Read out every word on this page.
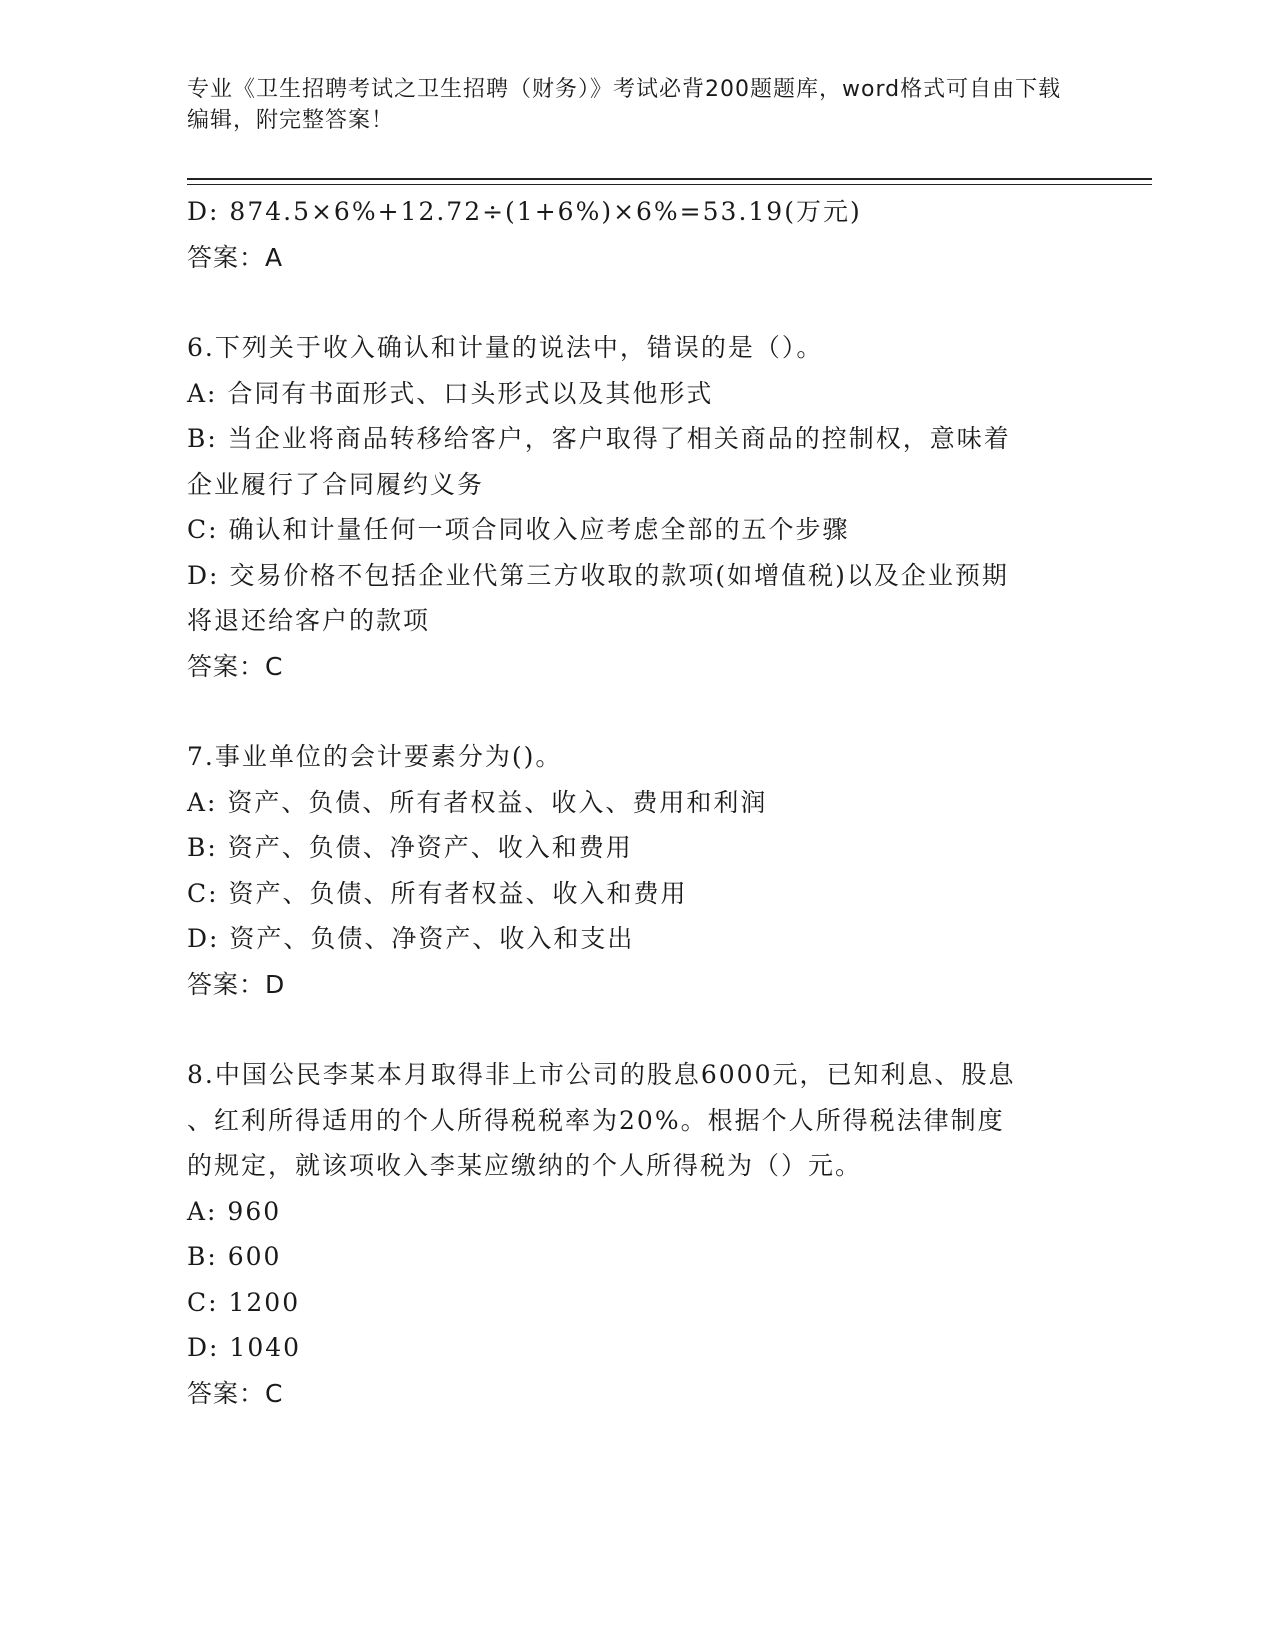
专业《卫生招聘考试之卫生招聘（财务）》考试必背200题题库，word格式可自由下载编辑，附完整答案！
D: 874.5×6%+12.72÷(1+6%)×6%=53.19(万元)
答案：A
6.下列关于收入确认和计量的说法中，错误的是（）。
A: 合同有书面形式、口头形式以及其他形式
B: 当企业将商品转移给客户，客户取得了相关商品的控制权，意味着
企业履行了合同履约义务
C: 确认和计量任何一项合同收入应考虑全部的五个步骤
D: 交易价格不包括企业代第三方收取的款项(如增值税)以及企业预期
将退还给客户的款项
答案：C
7.事业单位的会计要素分为()。
A: 资产、负债、所有者权益、收入、费用和利润
B: 资产、负债、净资产、收入和费用
C: 资产、负债、所有者权益、收入和费用
D: 资产、负债、净资产、收入和支出
答案：D
8.中国公民李某本月取得非上市公司的股息6000元，已知利息、股息
、红利所得适用的个人所得税税率为20%。根据个人所得税法律制度
的规定，就该项收入李某应缴纳的个人所得税为（）元。
A: 960
B: 600
C: 1200
D: 1040
答案：C
